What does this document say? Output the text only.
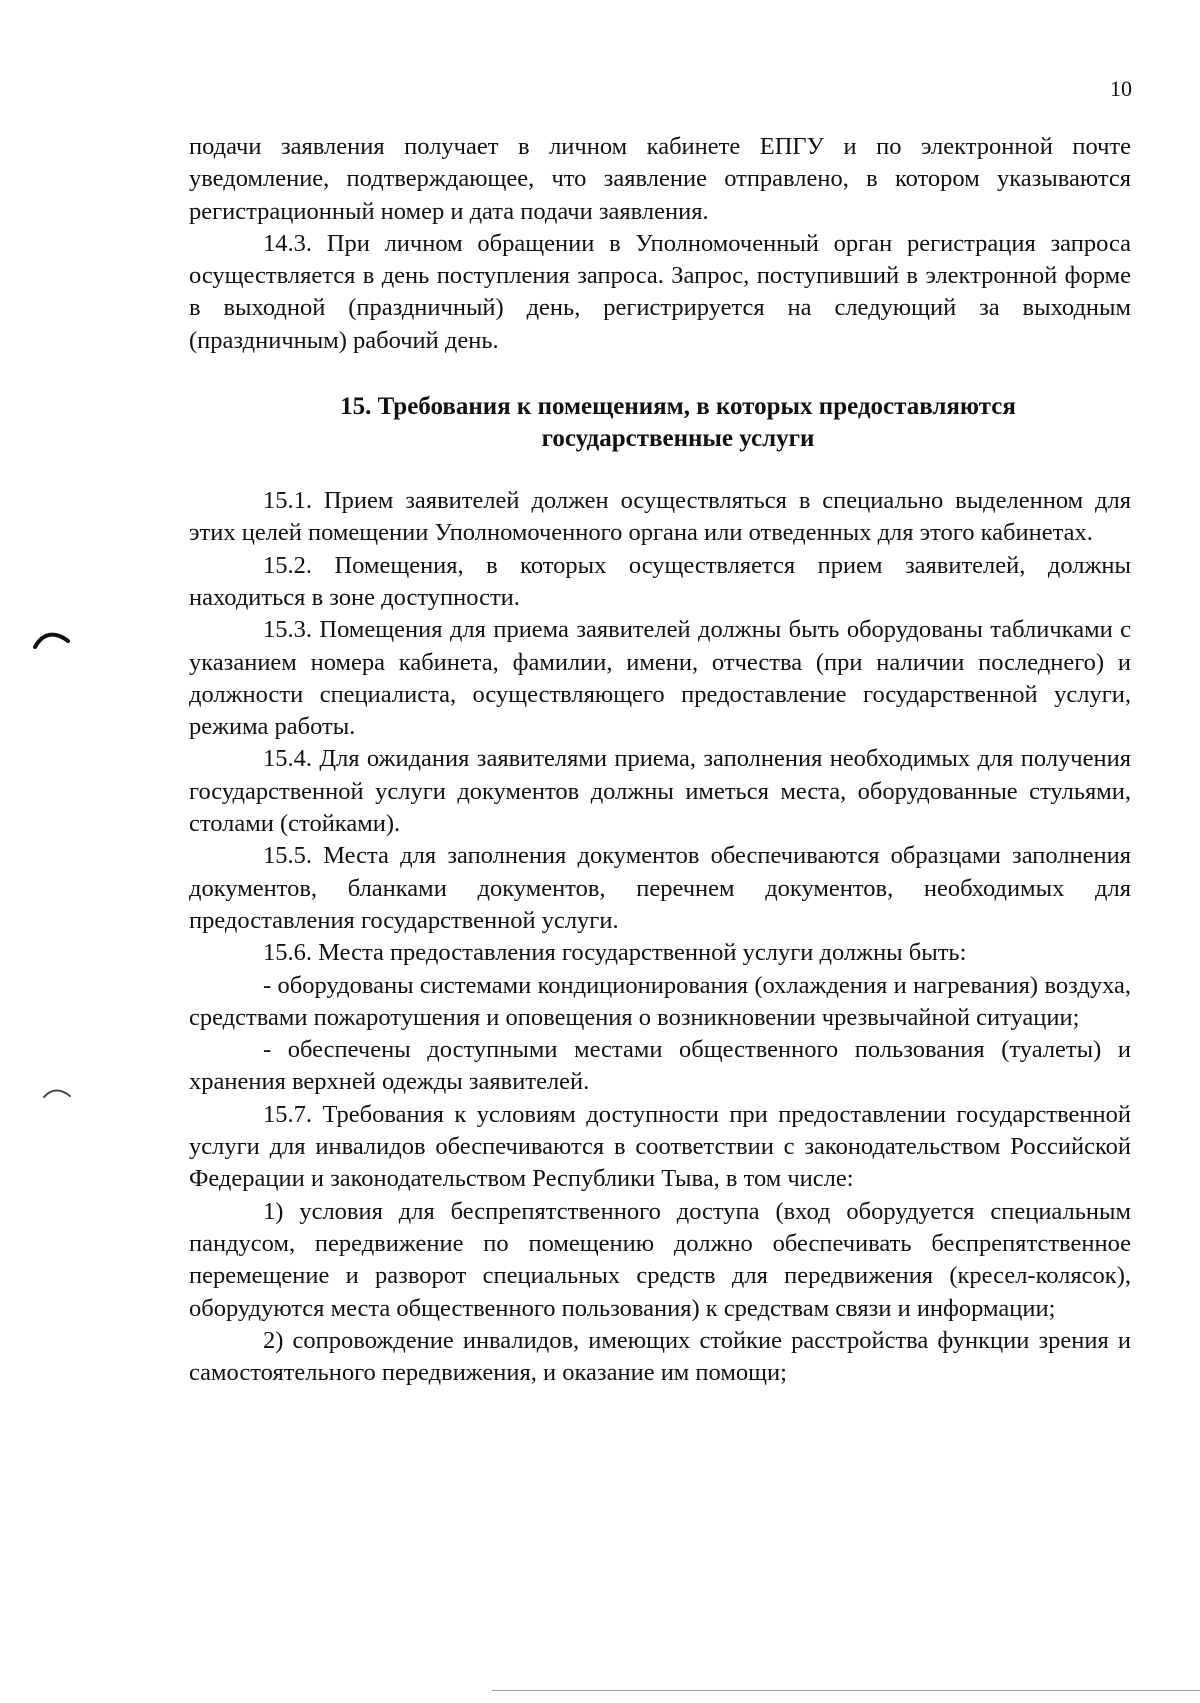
10

подачи заявления получает в личном кабинете ЕПГУ и по электронной почте уведомление, подтверждающее, что заявление отправлено, в котором указываются регистрационный номер и дата подачи заявления.

14.3. При личном обращении в Уполномоченный орган регистрация запроса осуществляется в день поступления запроса. Запрос, поступивший в электронной форме в выходной (праздничный) день, регистрируется на следующий за выходным (праздничным) рабочий день.

15. Требования к помещениям, в которых предоставляются
государственные услуги

15.1. Прием заявителей должен осуществляться в специально выделенном для этих целей помещении Уполномоченного органа или отведенных для этого кабинетах.

15.2. Помещения, в которых осуществляется прием заявителей, должны находиться в зоне доступности.

15.3. Помещения для приема заявителей должны быть оборудованы табличками с указанием номера кабинета, фамилии, имени, отчества (при наличии последнего) и должности специалиста, осуществляющего предоставление государственной услуги, режима работы.

15.4. Для ожидания заявителями приема, заполнения необходимых для получения государственной услуги документов должны иметься места, оборудованные стульями, столами (стойками).

15.5. Места для заполнения документов обеспечиваются образцами заполнения документов, бланками документов, перечнем документов, необходимых для предоставления государственной услуги.

15.6. Места предоставления государственной услуги должны быть:

- оборудованы системами кондиционирования (охлаждения и нагревания) воздуха, средствами пожаротушения и оповещения о возникновении чрезвычайной ситуации;

- обеспечены доступными местами общественного пользования (туалеты) и хранения верхней одежды заявителей.

15.7. Требования к условиям доступности при предоставлении государственной услуги для инвалидов обеспечиваются в соответствии с законодательством Российской Федерации и законодательством Республики Тыва, в том числе:

1) условия для беспрепятственного доступа (вход оборудуется специальным пандусом, передвижение по помещению должно обеспечивать беспрепятственное перемещение и разворот специальных средств для передвижения (кресел-колясок), оборудуются места общественного пользования) к средствам связи и информации;

2) сопровождение инвалидов, имеющих стойкие расстройства функции зрения и самостоятельного передвижения, и оказание им помощи;
